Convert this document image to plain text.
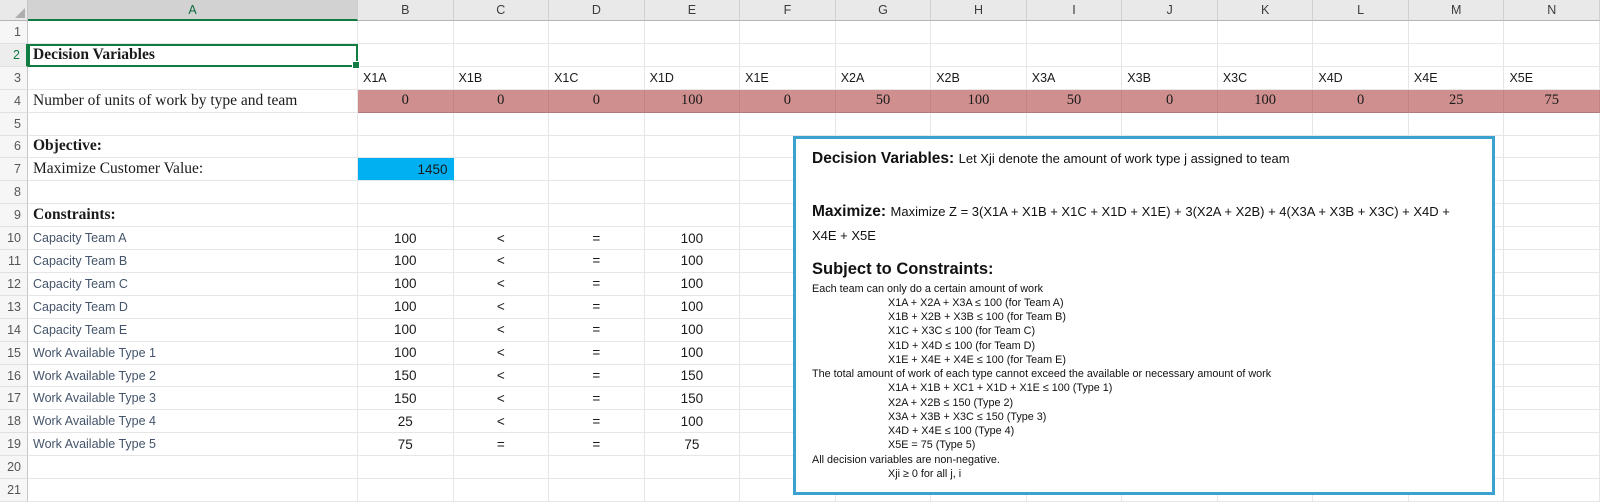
A	B	C	D	E	F	G	H	I	J	K	L	M	N
1
2 Decision Variables
3	X1A	X1B	X1C	X1D	X1E	X2A	X2B	X3A	X3B	X3C	X4D	X4E	X5E
4 Number of units of work by type and team	0	0	0	100	0	50	100	50	0	100	0	25	75
5
6 Objective:
7 Maximize Customer Value:	1450
8
9 Constraints:
10 Capacity Team A	100	<	=	100
11 Capacity Team B	100	<	=	100
12 Capacity Team C	100	<	=	100
13 Capacity Team D	100	<	=	100
14 Capacity Team E	100	<	=	100
15 Work Available Type 1	100	<	=	100
16 Work Available Type 2	150	<	=	150
17 Work Available Type 3	150	<	=	150
18 Work Available Type 4	25	<	=	100
19 Work Available Type 5	75	=	=	75
20
21
Decision Variables: Let Xji denote the amount of work type j assigned to team
Maximize: Maximize Z = 3(X1A + X1B + X1C + X1D + X1E) + 3(X2A + X2B) + 4(X3A + X3B + X3C) + X4D + X4E + X5E
Subject to Constraints:
Each team can only do a certain amount of work
X1A + X2A + X3A ≤ 100 (for Team A)
X1B + X2B + X3B ≤ 100 (for Team B)
X1C + X3C ≤ 100 (for Team C)
X1D + X4D ≤ 100 (for Team D)
X1E + X4E + X4E ≤ 100 (for Team E)
The total amount of work of each type cannot exceed the available or necessary amount of work
X1A + X1B + XC1 + X1D + X1E ≤ 100 (Type 1)
X2A + X2B ≤ 150 (Type 2)
X3A + X3B + X3C ≤ 150 (Type 3)
X4D + X4E ≤ 100 (Type 4)
X5E = 75 (Type 5)
All decision variables are non-negative.
Xji ≥ 0 for all j, i
